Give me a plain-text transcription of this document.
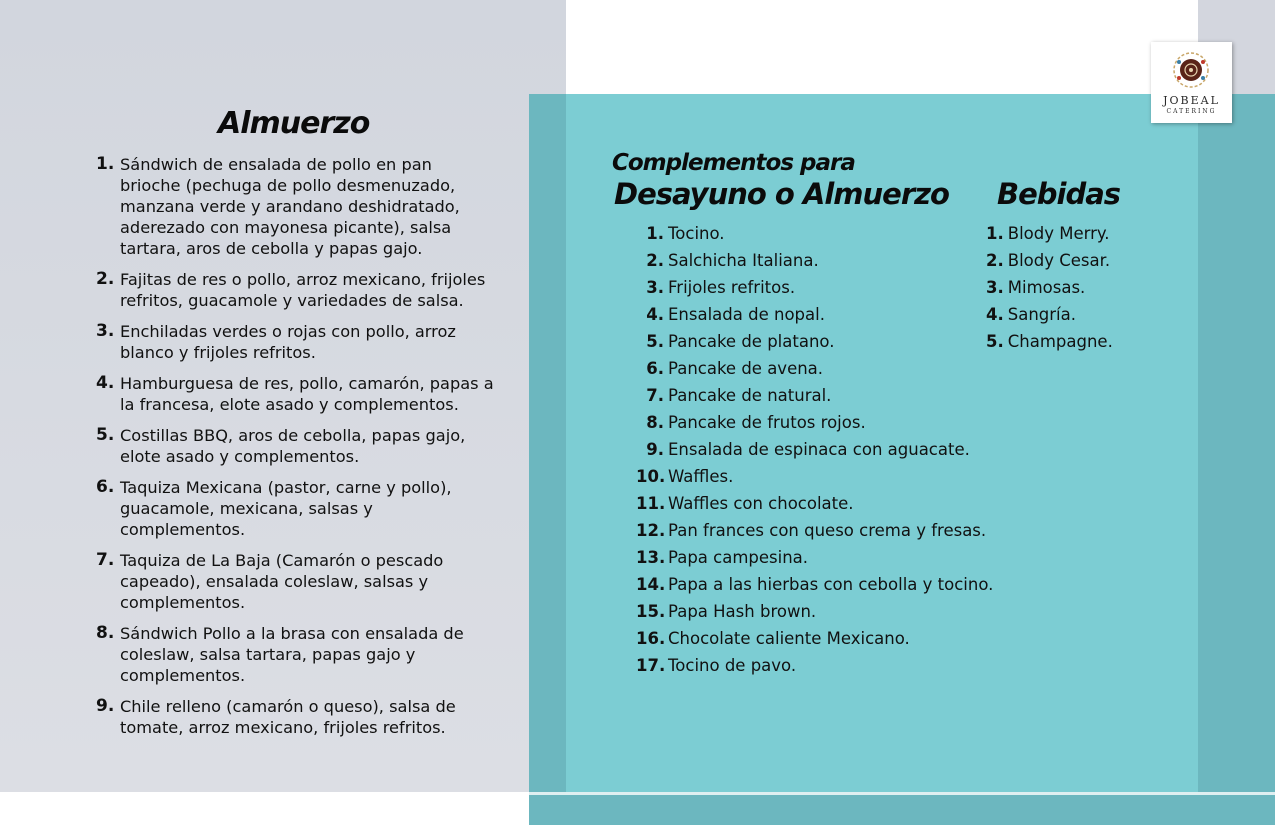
JOBEAL
CATERING
Almuerzo
1. Sándwich de ensalada de pollo en pan brioche (pechuga de pollo desmenuzado, manzana verde y arandano deshidratado, aderezado con mayonesa picante), salsa tartara, aros de cebolla y papas gajo.
2. Fajitas de res o pollo, arroz mexicano, frijoles refritos, guacamole y variedades de salsa.
3. Enchiladas verdes o rojas con pollo, arroz blanco y frijoles refritos.
4. Hamburguesa de res, pollo, camarón, papas a la francesa, elote asado y complementos.
5. Costillas BBQ, aros de cebolla, papas gajo, elote asado y complementos.
6. Taquiza Mexicana (pastor, carne y pollo), guacamole, mexicana, salsas y complementos.
7. Taquiza de La Baja (Camarón o pescado capeado), ensalada coleslaw, salsas y complementos.
8. Sándwich Pollo a la brasa con ensalada de coleslaw, salsa tartara, papas gajo y complementos.
9. Chile relleno (camarón o queso), salsa de tomate, arroz mexicano, frijoles refritos.
Complementos para
Desayuno o Almuerzo
1. Tocino.
2. Salchicha Italiana.
3. Frijoles refritos.
4. Ensalada de nopal.
5. Pancake de platano.
6. Pancake de avena.
7. Pancake de natural.
8. Pancake de frutos rojos.
9. Ensalada de espinaca con aguacate.
10. Waffles.
11. Waffles con chocolate.
12. Pan frances con queso crema y fresas.
13. Papa campesina.
14. Papa a las hierbas con cebolla y tocino.
15. Papa Hash brown.
16. Chocolate caliente Mexicano.
17. Tocino de pavo.
Bebidas
1. Blody Merry.
2. Blody Cesar.
3. Mimosas.
4. Sangría.
5. Champagne.
